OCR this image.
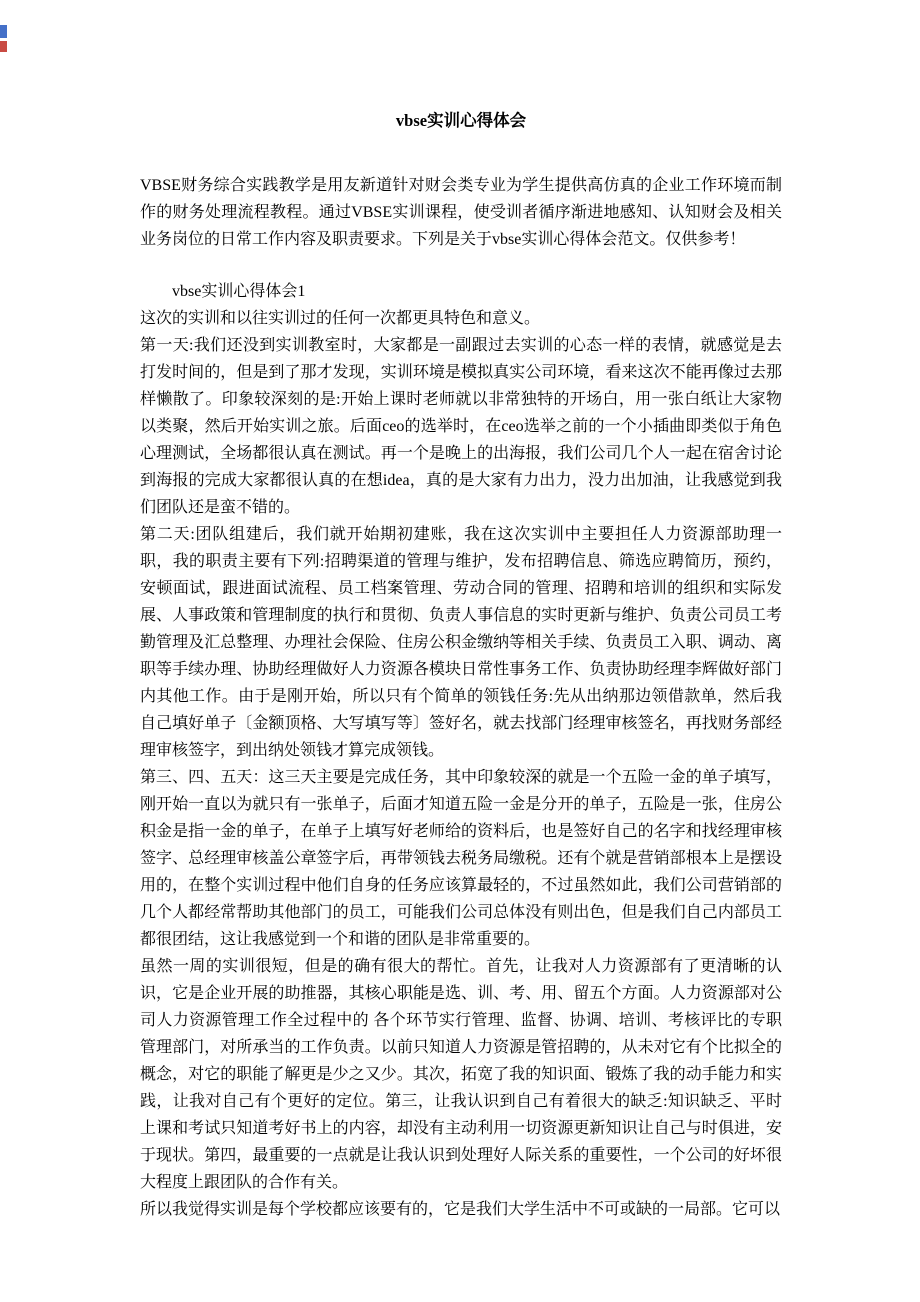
vbse实训心得体会

VBSE财务综合实践教学是用友新道针对财会类专业为学生提供高仿真的企业工作环境而制作的财务处理流程教程。通过VBSE实训课程，使受训者循序渐进地感知、认知财会及相关业务岗位的日常工作内容及职责要求。下列是关于vbse实训心得体会范文。仅供参考！

vbse实训心得体会1

这次的实训和以往实训过的任何一次都更具特色和意义。

第一天:我们还没到实训教室时，大家都是一副跟过去实训的心态一样的表情，就感觉是去打发时间的，但是到了那才发现，实训环境是模拟真实公司环境，看来这次不能再像过去那样懒散了。印象较深刻的是:开始上课时老师就以非常独特的开场白，用一张白纸让大家物以类聚，然后开始实训之旅。后面ceo的选举时，在ceo选举之前的一个小插曲即类似于角色心理测试，全场都很认真在测试。再一个是晚上的出海报，我们公司几个人一起在宿舍讨论到海报的完成大家都很认真的在想idea，真的是大家有力出力，没力出加油，让我感觉到我们团队还是蛮不错的。

第二天:团队组建后，我们就开始期初建账，我在这次实训中主要担任人力资源部助理一职，我的职责主要有下列:招聘渠道的管理与维护，发布招聘信息、筛选应聘简历，预约，安顿面试，跟进面试流程、员工档案管理、劳动合同的管理、招聘和培训的组织和实际发展、人事政策和管理制度的执行和贯彻、负责人事信息的实时更新与维护、负责公司员工考勤管理及汇总整理、办理社会保险、住房公积金缴纳等相关手续、负责员工入职、调动、离职等手续办理、协助经理做好人力资源各模块日常性事务工作、负责协助经理李辉做好部门内其他工作。由于是刚开始，所以只有个简单的领钱任务:先从出纳那边领借款单，然后我自己填好单子〔金额顶格、大写填写等〕签好名，就去找部门经理审核签名，再找财务部经理审核签字，到出纳处领钱才算完成领钱。

第三、四、五天：这三天主要是完成任务，其中印象较深的就是一个五险一金的单子填写，刚开始一直以为就只有一张单子，后面才知道五险一金是分开的单子，五险是一张，住房公积金是指一金的单子，在单子上填写好老师给的资料后，也是签好自己的名字和找经理审核签字、总经理审核盖公章签字后，再带领钱去税务局缴税。还有个就是营销部根本上是摆设用的，在整个实训过程中他们自身的任务应该算最轻的，不过虽然如此，我们公司营销部的几个人都经常帮助其他部门的员工，可能我们公司总体没有则出色，但是我们自己内部员工都很团结，这让我感觉到一个和谐的团队是非常重要的。

虽然一周的实训很短，但是的确有很大的帮忙。首先，让我对人力资源部有了更清晰的认识，它是企业开展的助推器，其核心职能是选、训、考、用、留五个方面。人力资源部对公司人力资源管理工作全过程中的 各个环节实行管理、监督、协调、培训、考核评比的专职管理部门，对所承当的工作负责。以前只知道人力资源是管招聘的，从未对它有个比拟全的概念，对它的职能了解更是少之又少。其次，拓宽了我的知识面、锻炼了我的动手能力和实践，让我对自己有个更好的定位。第三，让我认识到自己有着很大的缺乏:知识缺乏、平时上课和考试只知道考好书上的内容，却没有主动利用一切资源更新知识让自己与时俱进，安于现状。第四，最重要的一点就是让我认识到处理好人际关系的重要性，一个公司的好坏很大程度上跟团队的合作有关。

所以我觉得实训是每个学校都应该要有的，它是我们大学生活中不可或缺的一局部。它可以
